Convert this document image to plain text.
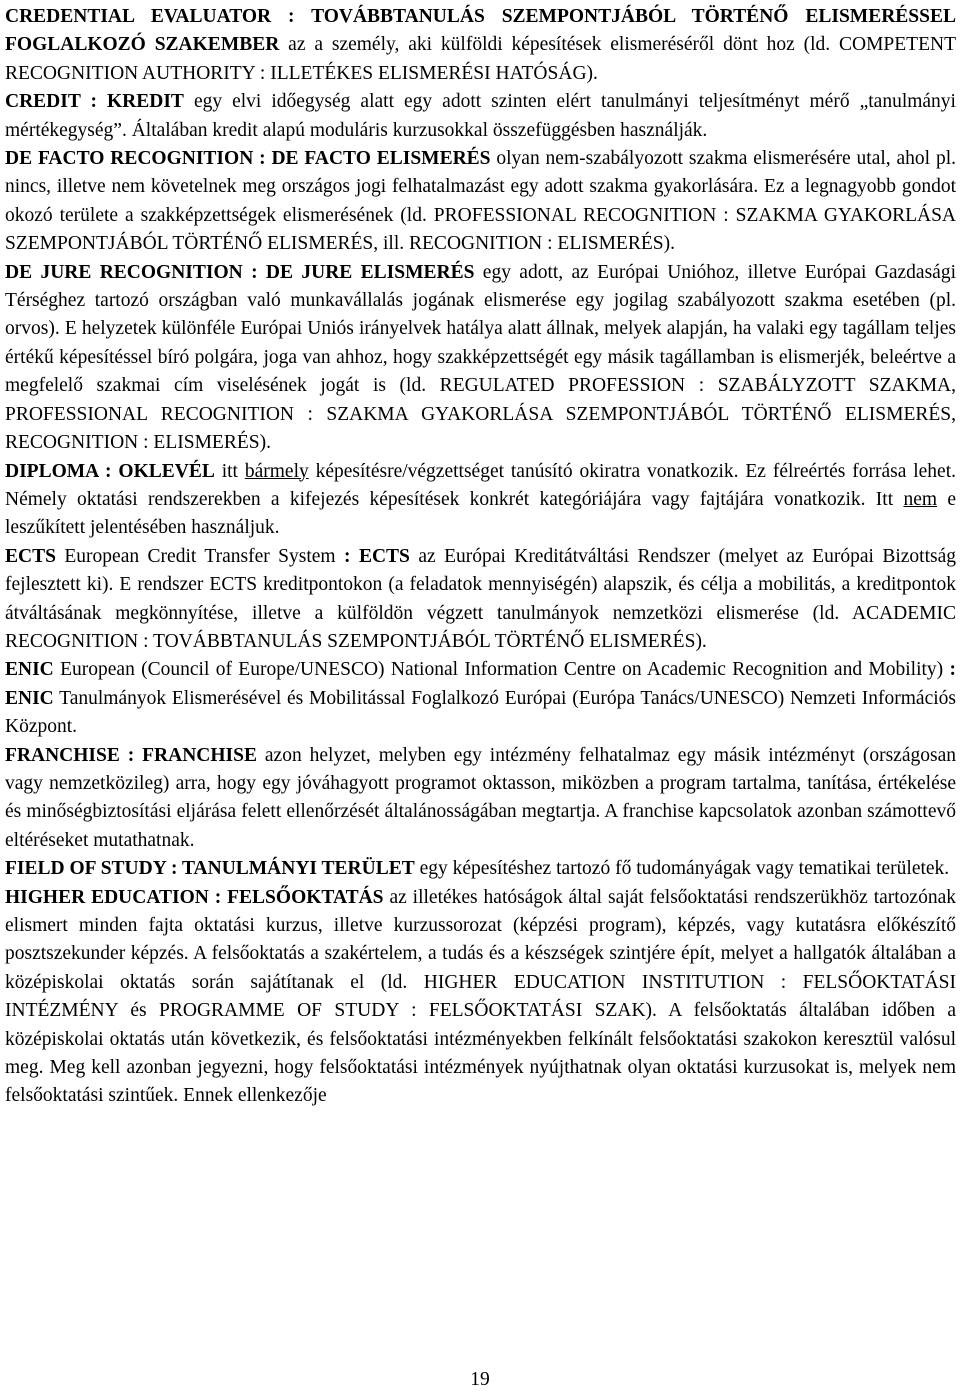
CREDENTIAL EVALUATOR : TOVÁBBTANULÁS SZEMPONTJÁBÓL TÖRTÉNŐ ELISMERÉSSEL FOGLALKOZÓ SZAKEMBER az a személy, aki külföldi képesítések elismeréséről dönt hoz (ld. COMPETENT RECOGNITION AUTHORITY : ILLETÉKES ELISMERÉSI HATÓSÁG).

CREDIT : KREDIT egy elvi időegység alatt egy adott szinten elért tanulmányi teljesítményt mérő „tanulmányi mértékegység”. Általában kredit alapú moduláris kurzusokkal összefüggésben használják.

DE FACTO RECOGNITION : DE FACTO ELISMERÉS olyan nem-szabályozott szakma elismerésére utal, ahol pl. nincs, illetve nem követelnek meg országos jogi felhatalmazást egy adott szakma gyakorlására. Ez a legnagyobb gondot okozó területe a szakképzettségek elismerésének (ld. PROFESSIONAL RECOGNITION : SZAKMA GYAKORLÁSA SZEMPONTJÁBÓL TÖRTÉNŐ ELISMERÉS, ill. RECOGNITION : ELISMERÉS).

DE JURE RECOGNITION : DE JURE ELISMERÉS egy adott, az Európai Unióhoz, illetve Európai Gazdasági Térséghez tartozó országban való munkavállalás jogának elismerése egy jogilag szabályozott szakma esetében (pl. orvos). E helyzetek különféle Európai Uniós irányelvek hatálya alatt állnak, melyek alapján, ha valaki egy tagállam teljes értékű képesítéssel bíró polgára, joga van ahhoz, hogy szakképzettségét egy másik tagállamban is elismerjék, beleértve a megfelelő szakmai cím viselésének jogát is (ld. REGULATED PROFESSION : SZABÁLYZOTT SZAKMA, PROFESSIONAL RECOGNITION : SZAKMA GYAKORLÁSA SZEMPONTJÁBÓL TÖRTÉNŐ ELISMERÉS, RECOGNITION : ELISMERÉS).

DIPLOMA : OKLEVÉL itt bármely képesítésre/végzettséget tanúsító okiratra vonatkozik. Ez félreértés forrása lehet. Némely oktatási rendszerekben a kifejezés képesítések konkrét kategóriájára vagy fajtájára vonatkozik. Itt nem e leszűkített jelentésében használjuk.

ECTS European Credit Transfer System : ECTS az Európai Kreditátváltási Rendszer (melyet az Európai Bizottság fejlesztett ki). E rendszer ECTS kreditpontokon (a feladatok mennyiségén) alapszik, és célja a mobilitás, a kreditpontok átváltásának megkönnyítése, illetve a külföldön végzett tanulmányok nemzetközi elismerése (ld. ACADEMIC RECOGNITION : TOVÁBBTANULÁS SZEMPONTJÁBÓL TÖRTÉNŐ ELISMERÉS).

ENIC European (Council of Europe/UNESCO) National Information Centre on Academic Recognition and Mobility) : ENIC Tanulmányok Elismerésével és Mobilitással Foglalkozó Európai (Európa Tanács/UNESCO) Nemzeti Információs Központ.

FRANCHISE : FRANCHISE azon helyzet, melyben egy intézmény felhatalmaz egy másik intézményt (országosan vagy nemzetközileg) arra, hogy egy jóváhagyott programot oktasson, miközben a program tartalma, tanítása, értékelése és minőségbiztosítási eljárása felett ellenőrzését általánosságában megtartja. A franchise kapcsolatok azonban számottevő eltéréseket mutathatnak.

FIELD OF STUDY : TANULMÁNYI TERÜLET egy képesítéshez tartozó fő tudományágak vagy tematikai területek.

HIGHER EDUCATION : FELSŐOKTATÁS az illetékes hatóságok által saját felsőoktatási rendszerükhöz tartozónak elismert minden fajta oktatási kurzus, illetve kurzussorozat (képzési program), képzés, vagy kutatásra előkészítő posztszekunder képzés. A felsőoktatás a szakértelem, a tudás és a készségek szintjére épít, melyet a hallgatók általában a középiskolai oktatás során sajátítanak el (ld. HIGHER EDUCATION INSTITUTION : FELSŐOKTATÁSI INTÉZMÉNY és PROGRAMME OF STUDY : FELSŐOKTATÁSI SZAK). A felsőoktatás általában időben a középiskolai oktatás után következik, és felsőoktatási intézményekben felkínált felsőoktatási szakokon keresztül valósul meg. Meg kell azonban jegyezni, hogy felsőoktatási intézmények nyújthatnak olyan oktatási kurzusokat is, melyek nem felsőoktatási szintűek. Ennek ellenkezője

19
